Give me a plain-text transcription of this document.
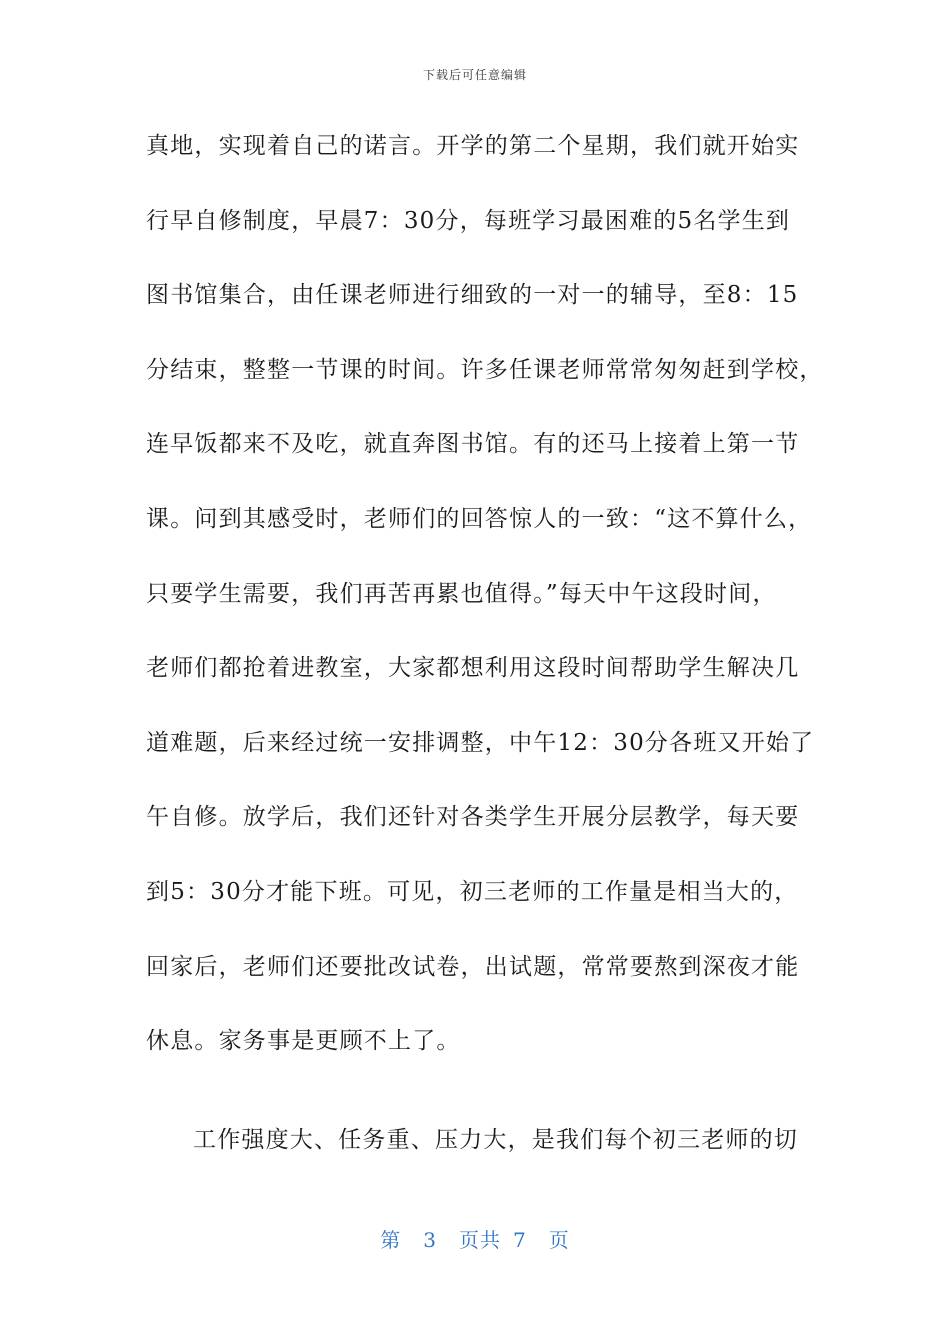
下载后可任意编辑
真地，实现着自己的诺言。开学的第二个星期，我们就开始实
行早自修制度，早晨7：30分，每班学习最困难的5名学生到
图书馆集合，由任课老师进行细致的一对一的辅导，至8：15
分结束，整整一节课的时间。许多任课老师常常匆匆赶到学校，
连早饭都来不及吃，就直奔图书馆。有的还马上接着上第一节
课。问到其感受时，老师们的回答惊人的一致：“这不算什么，
只要学生需要，我们再苦再累也值得。”每天中午这段时间，
老师们都抢着进教室，大家都想利用这段时间帮助学生解决几
道难题，后来经过统一安排调整，中午12：30分各班又开始了
午自修。放学后，我们还针对各类学生开展分层教学，每天要
到5：30分才能下班。可见，初三老师的工作量是相当大的，
回家后，老师们还要批改试卷，出试题，常常要熬到深夜才能
休息。家务事是更顾不上了。
工作强度大、任务重、压力大，是我们每个初三老师的切
第 3 页共 7 页
